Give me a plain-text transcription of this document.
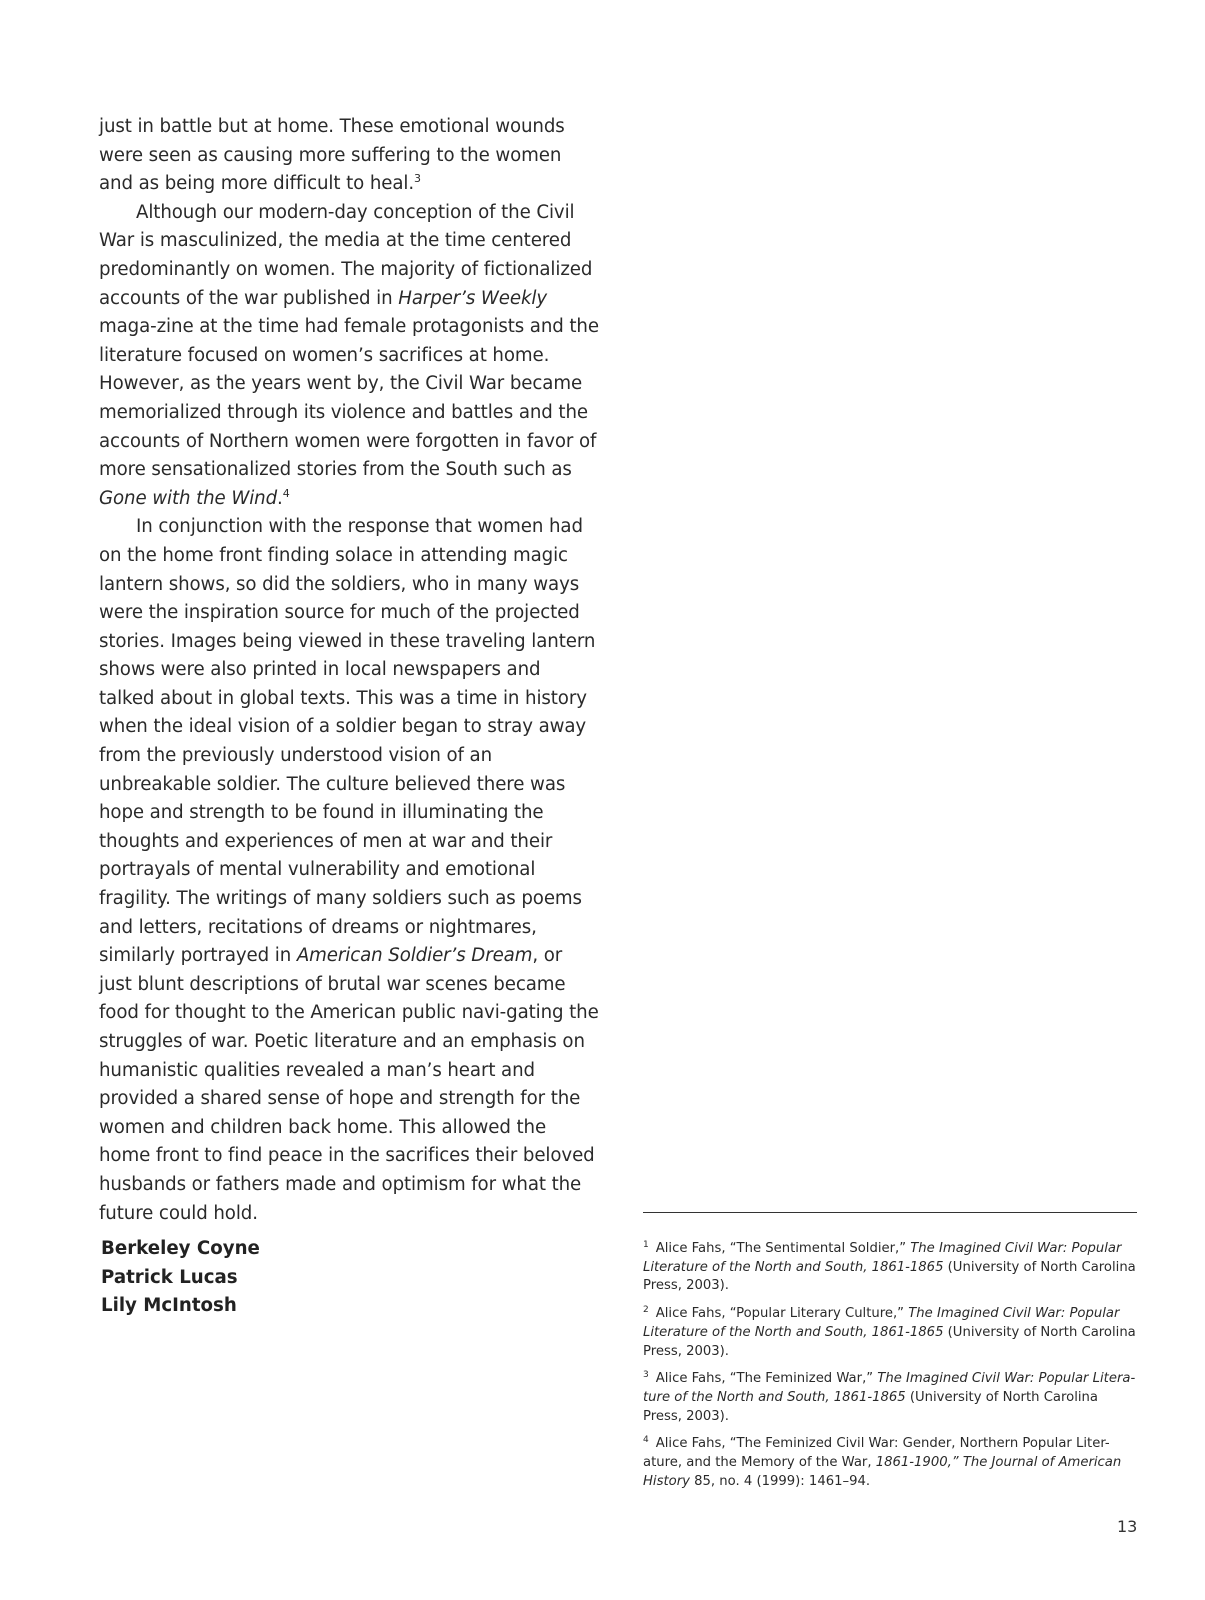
just in battle but at home. These emotional wounds were seen as causing more suffering to the women and as being more difficult to heal.$^3$

Although our modern-day conception of the Civil War is masculinized, the media at the time centered predominantly on women. The majority of fictionalized accounts of the war published in Harper’s Weekly maga-zine at the time had female protagonists and the literature focused on women’s sacrifices at home. However, as the years went by, the Civil War became memorialized through its violence and battles and the accounts of Northern women were forgotten in favor of more sensationalized stories from the South such as Gone with the Wind.$^4$

In conjunction with the response that women had on the home front finding solace in attending magic lantern shows, so did the soldiers, who in many ways were the inspiration source for much of the projected stories. Images being viewed in these traveling lantern shows were also printed in local newspapers and talked about in global texts. This was a time in history when the ideal vision of a soldier began to stray away from the previously understood vision of an unbreakable soldier. The culture believed there was hope and strength to be found in illuminating the thoughts and experiences of men at war and their portrayals of mental vulnerability and emotional fragility. The writings of many soldiers such as poems and letters, recitations of dreams or nightmares, similarly portrayed in American Soldier’s Dream, or just blunt descriptions of brutal war scenes became food for thought to the American public navi-gating the struggles of war. Poetic literature and an emphasis on humanistic qualities revealed a man’s heart and provided a shared sense of hope and strength for the women and children back home. This allowed the home front to find peace in the sacrifices their beloved husbands or fathers made and optimism for what the future could hold.

Berkeley Coyne
Patrick Lucas
Lily McIntosh

$^1$ Alice Fahs, “The Sentimental Soldier,” The Imagined Civil War: Popular Literature of the North and South, 1861-1865 (University of North Carolina Press, 2003).

$^2$ Alice Fahs, “Popular Literary Culture,” The Imagined Civil War: Popular Literature of the North and South, 1861-1865 (University of North Carolina Press, 2003).

$^3$ Alice Fahs, “The Feminized War,” The Imagined Civil War: Popular Litera-ture of the North and South, 1861-1865 (University of North Carolina Press, 2003).

$^4$ Alice Fahs, “The Feminized Civil War: Gender, Northern Popular Liter-ature, and the Memory of the War, 1861-1900,” The Journal of American History 85, no. 4 (1999): 1461–94.

13
